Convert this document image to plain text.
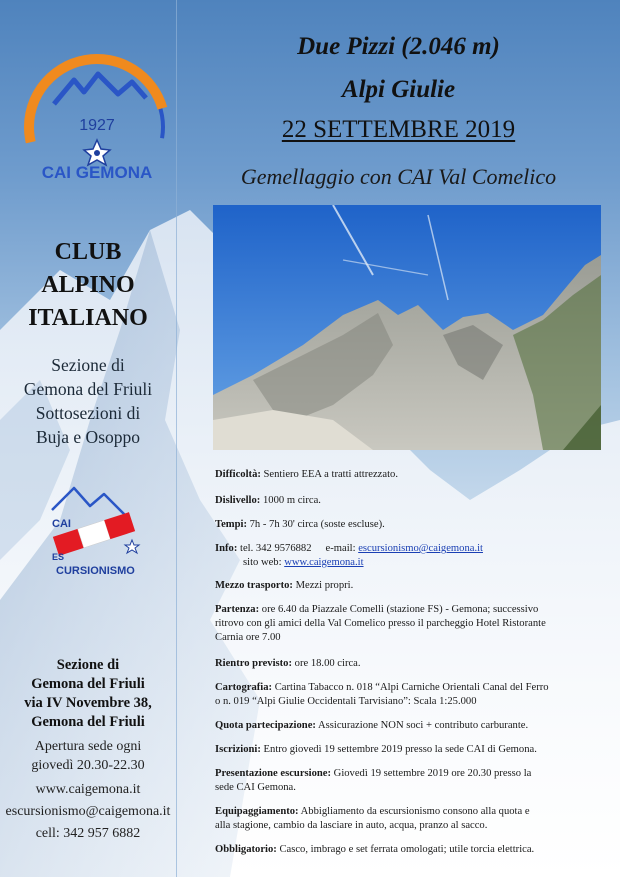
1927
CAI GEMONA
CLUB
ALPINO
ITALIANO
Sezione di
Gemona del Friuli
Sottosezioni di
Buja e Osoppo
CAI
ES
CURSIONISMO
Sezione di
Gemona del Friuli
via IV Novembre 38,
Gemona del Friuli
Apertura sede ogni
giovedì 20.30-22.30
www.caigemona.it
escursionismo@caigemona.it
cell: 342 957 6882
Due Pizzi (2.046 m)
Alpi Giulie
22 SETTEMBRE 2019
Gemellaggio con CAI Val Comelico
Difficoltà: Sentiero EEA a tratti attrezzato.
Dislivello: 1000 m circa.
Tempi: 7h - 7h 30' circa (soste escluse).
Info: tel. 342 9576882 e-mail: escursionismo@caigemona.it
sito web: www.caigemona.it
Mezzo trasporto: Mezzi propri.
Partenza: ore 6.40 da Piazzale Comelli (stazione FS) - Gemona; successivo
ritrovo con gli amici della Val Comelico presso il parcheggio Hotel Ristorante
Carnia ore 7.00
Rientro previsto: ore 18.00 circa.
Cartografia: Cartina Tabacco n. 018 “Alpi Carniche Orientali Canal del Ferro
o n. 019 “Alpi Giulie Occidentali Tarvisiano”: Scala 1:25.000
Quota partecipazione: Assicurazione NON soci + contributo carburante.
Iscrizioni: Entro giovedì 19 settembre 2019 presso la sede CAI di Gemona.
Presentazione escursione: Giovedì 19 settembre 2019 ore 20.30 presso la
sede CAI Gemona.
Equipaggiamento: Abbigliamento da escursionismo consono alla quota e
alla stagione, cambio da lasciare in auto, acqua, pranzo al sacco.
Obbligatorio: Casco, imbrago e set ferrata omologati; utile torcia elettrica.
